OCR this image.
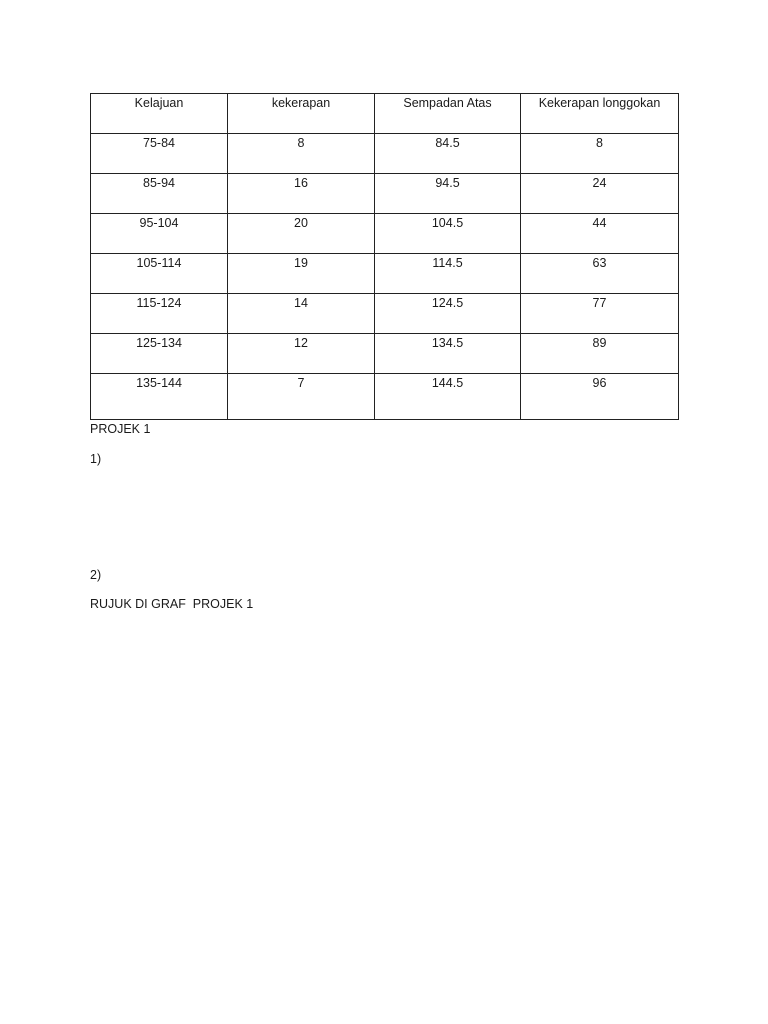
Kelajuan	kekerapan	Sempadan Atas	Kekerapan longgokan

75-84	8	84.5	8

85-94	16	94.5	24

95-104	20	104.5	44

105-114	19	114.5	63

115-124	14	124.5	77

125-134	12	134.5	89

135-144	7	144.5	96
PROJEK 1
1)
2)
RUJUK DI GRAF  PROJEK 1
